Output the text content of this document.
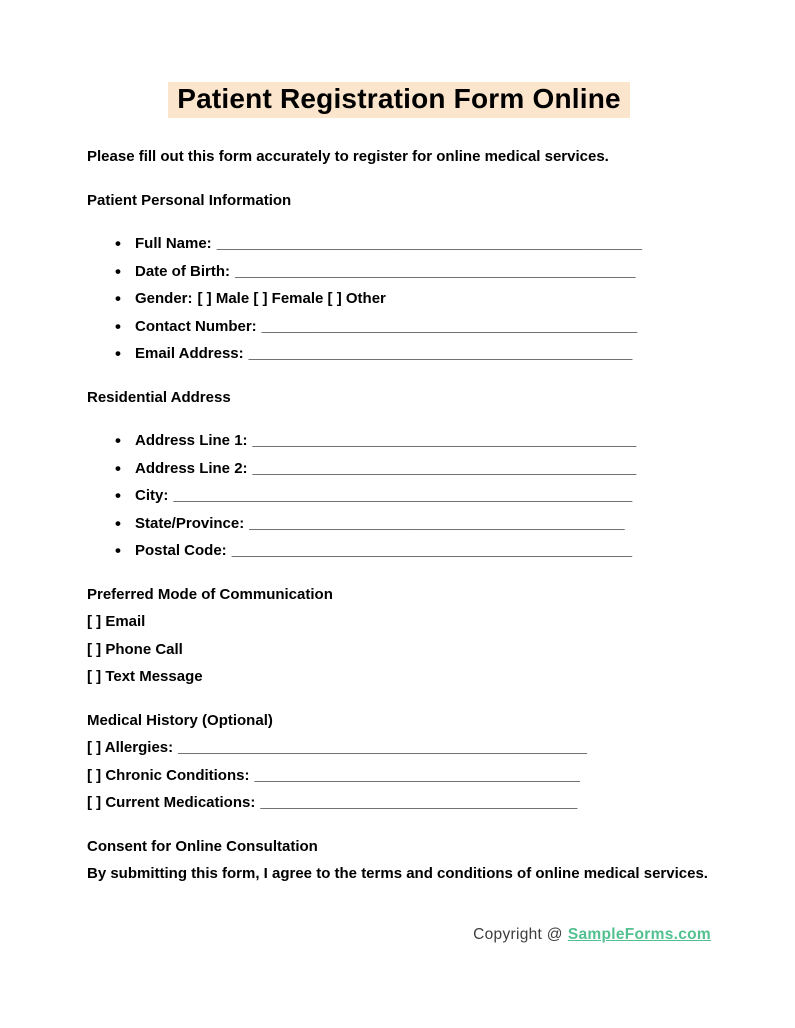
Patient Registration Form Online

Please fill out this form accurately to register for online medical services.

Patient Personal Information

• Full Name: ___________________________________________________
• Date of Birth: ________________________________________________
• Gender: [ ] Male [ ] Female [ ] Other
• Contact Number: _____________________________________________
• Email Address: ______________________________________________

Residential Address

• Address Line 1: ______________________________________________
• Address Line 2: ______________________________________________
• City: _______________________________________________________
• State/Province: _____________________________________________
• Postal Code: ________________________________________________
Preferred Mode of Communication
[ ] Email
[ ] Phone Call
[ ] Text Message
Medical History (Optional)
[ ] Allergies: _________________________________________________
[ ] Chronic Conditions: _______________________________________
[ ] Current Medications: ______________________________________
Consent for Online Consultation
By submitting this form, I agree to the terms and conditions of online medical services.
Copyright @ SampleForms.com
